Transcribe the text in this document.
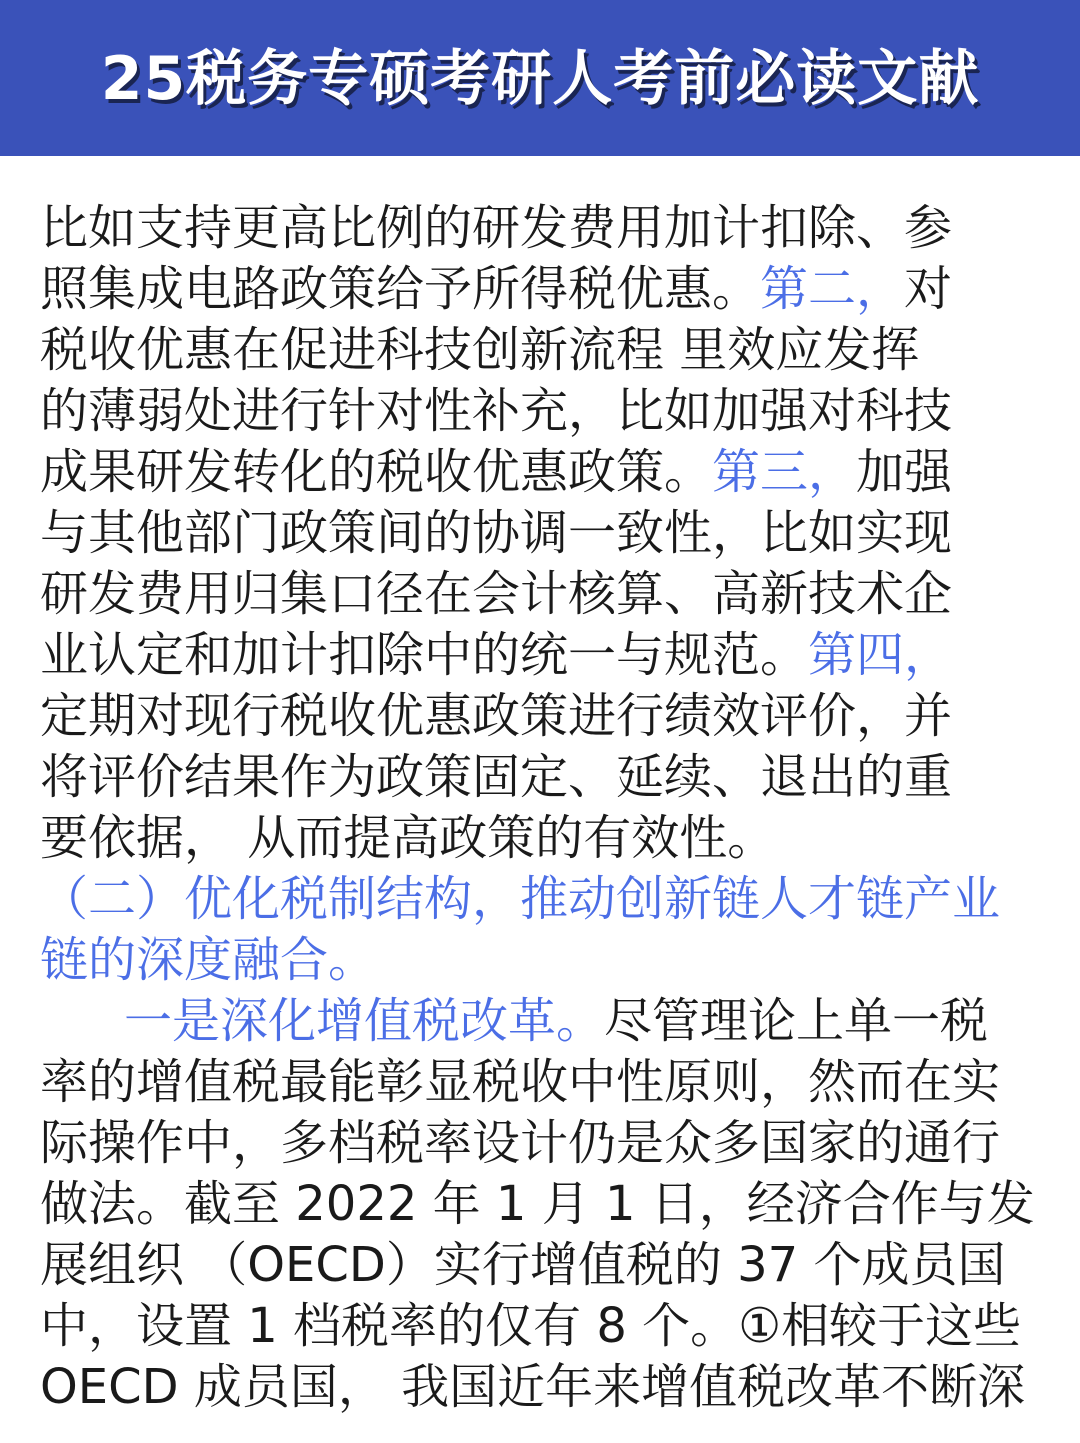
25税务专硕考研人考前必读文献
比如支持更高比例的研发费用加计扣除、参
照集成电路政策给予所得税优惠。第二，对
税收优惠在促进科技创新流程 里效应发挥
的薄弱处进行针对性补充，比如加强对科技
成果研发转化的税收优惠政策。第三，加强
与其他部门政策间的协调一致性，比如实现
研发费用归集口径在会计核算、高新技术企
业认定和加计扣除中的统一与规范。第四，
定期对现行税收优惠政策进行绩效评价，并
将评价结果作为政策固定、延续、退出的重
要依据， 从而提高政策的有效性。
（二）优化税制结构，推动创新链人才链产业
链的深度融合。
一是深化增值税改革。尽管理论上单一税
率的增值税最能彰显税收中性原则，然而在实
际操作中，多档税率设计仍是众多国家的通行
做法。截至 2022 年 1 月 1 日，经济合作与发
展组织 （OECD）实行增值税的 37 个成员国
中，设置 1 档税率的仅有 8 个。①相较于这些
OECD 成员国， 我国近年来增值税改革不断深
